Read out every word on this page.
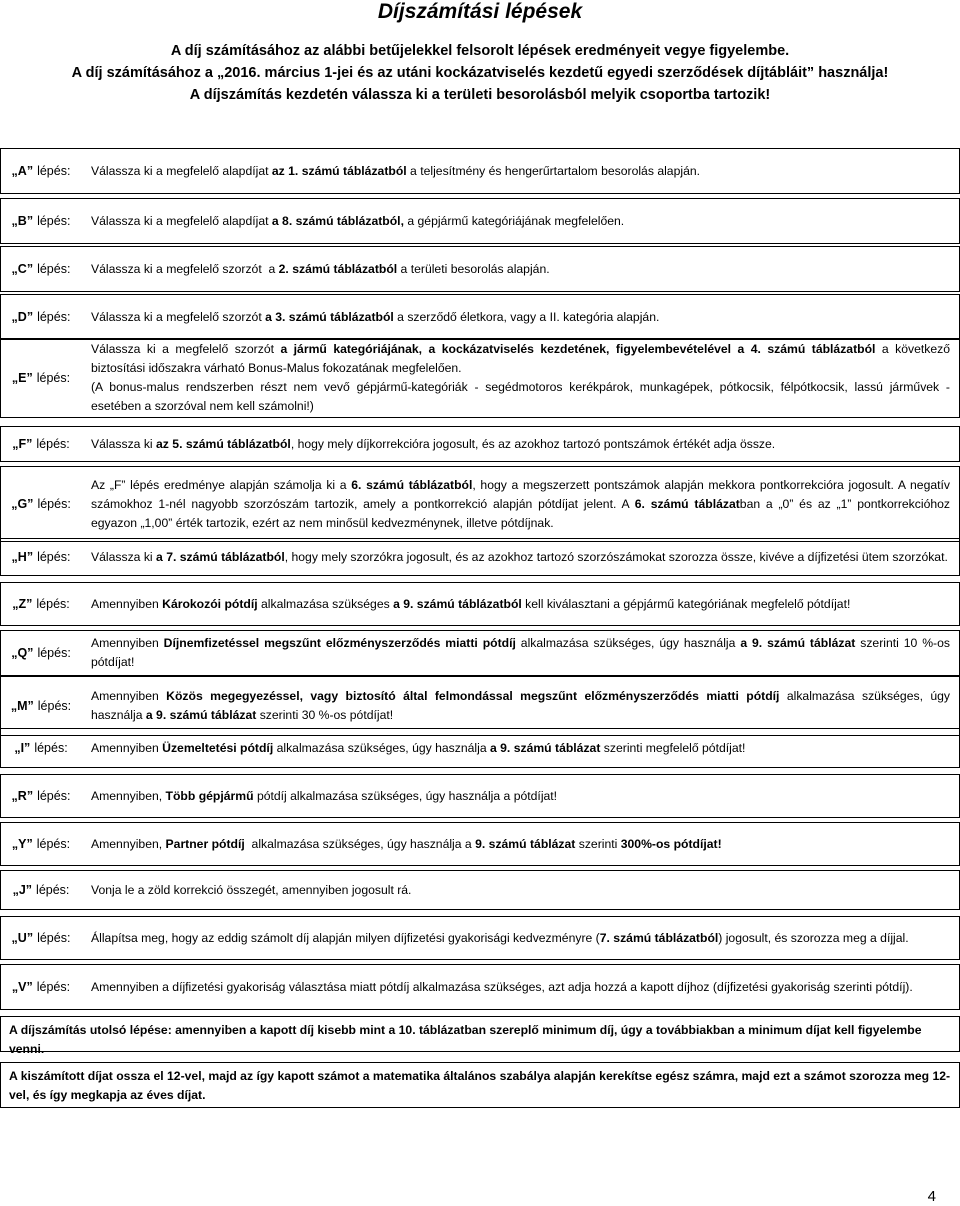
Díjszámítási lépések
A díj számításához az alábbi betűjelekkel felsorolt lépések eredményeit vegye figyelembe.
A díj számításához a „2016. március 1-jei és az utáni kockázatviselés kezdetű egyedi szerződések díjtábláit” használja!
A díjszámítás kezdetén válassza ki a területi besorolásból melyik csoportba tartozik!
„A” lépés: Válassza ki a megfelelő alapdíjat az 1. számú táblázatból a teljesítmény és hengerűrtartalom besorolás alapján.
„B” lépés: Válassza ki a megfelelő alapdíjat a 8. számú táblázatból, a gépjármű kategóriájának megfelelően.
„C” lépés: Válassza ki a megfelelő szorzót  a 2. számú táblázatból a területi besorolás alapján.
„D” lépés: Válassza ki a megfelelő szorzót a 3. számú táblázatból a szerződő életkora, vagy a II. kategória alapján.
„E” lépés:
Válassza ki a megfelelő szorzót a jármű kategóriájának, a kockázatviselés kezdetének, figyelembevételével a 4. számú táblázatból a következő biztosítási időszakra várható Bonus-Malus fokozatának megfelelően.
(A bonus-malus rendszerben részt nem vevő gépjármű-kategóriák - segédmotoros kerékpárok, munkagépek, pótkocsik, félpótkocsik, lassú járművek - esetében a szorzóval nem kell számolni!)
„F” lépés: Válassza ki az 5. számú táblázatból, hogy mely díjkorrekcióra jogosult, és az azokhoz tartozó pontszámok értékét adja össze.
„G” lépés:
Az „F” lépés eredménye alapján számolja ki a 6. számú táblázatból, hogy a megszerzett pontszámok alapján mekkora pontkorrekcióra jogosult. A negatív számokhoz 1-nél nagyobb szorzószám tartozik, amely a pontkorrekció alapján pótdíjat jelent. A 6. számú táblázatban a „0” és az „1” pontkorrekcióhoz egyazon „1,00” érték tartozik, ezért az nem minősül kedvezménynek, illetve pótdíjnak.
„H” lépés: Válassza ki a 7. számú táblázatból, hogy mely szorzókra jogosult, és az azokhoz tartozó szorzószámokat szorozza össze, kivéve a díjfizetési ütem szorzókat.
„Z” lépés: Amennyiben Károkozói pótdíj alkalmazása szükséges a 9. számú táblázatból kell kiválasztani a gépjármű kategóriának megfelelő pótdíjat!
„Q” lépés:
Amennyiben Díjnemfizetéssel megszűnt előzményszerződés miatti pótdíj alkalmazása szükséges, úgy használja a 9. számú táblázat szerinti 10 %-os pótdíjat!
„M” lépés:
Amennyiben Közös megegyezéssel, vagy biztosító által felmondással megszűnt előzményszerződés miatti pótdíj alkalmazása szükséges, úgy használja a 9. számú táblázat szerinti 30 %-os pótdíjat!
„I” lépés: Amennyiben Üzemeltetési pótdíj alkalmazása szükséges, úgy használja a 9. számú táblázat szerinti megfelelő pótdíjat!
„R” lépés: Amennyiben, Több gépjármű pótdíj alkalmazása szükséges, úgy használja a pótdíjat!
„Y” lépés: Amennyiben, Partner pótdíj  alkalmazása szükséges, úgy használja a 9. számú táblázat szerinti 300%-os pótdíjat!
„J” lépés: Vonja le a zöld korrekció összegét, amennyiben jogosult rá.
„U” lépés: Állapítsa meg, hogy az eddig számolt díj alapján milyen díjfizetési gyakorisági kedvezményre (7. számú táblázatból) jogosult, és szorozza meg a díjjal.
„V” lépés: Amennyiben a díjfizetési gyakoriság választása miatt pótdíj alkalmazása szükséges, azt adja hozzá a kapott díjhoz (díjfizetési gyakoriság szerinti pótdíj).
A díjszámítás utolsó lépése: amennyiben a kapott díj kisebb mint a 10. táblázatban szereplő minimum díj, úgy a továbbiakban a minimum díjat kell figyelembe venni.
A kiszámított díjat ossza el 12-vel, majd az így kapott számot a matematika általános szabálya alapján kerekítse egész számra, majd ezt a számot szorozza meg 12-vel, és így megkapja az éves díjat.
4
